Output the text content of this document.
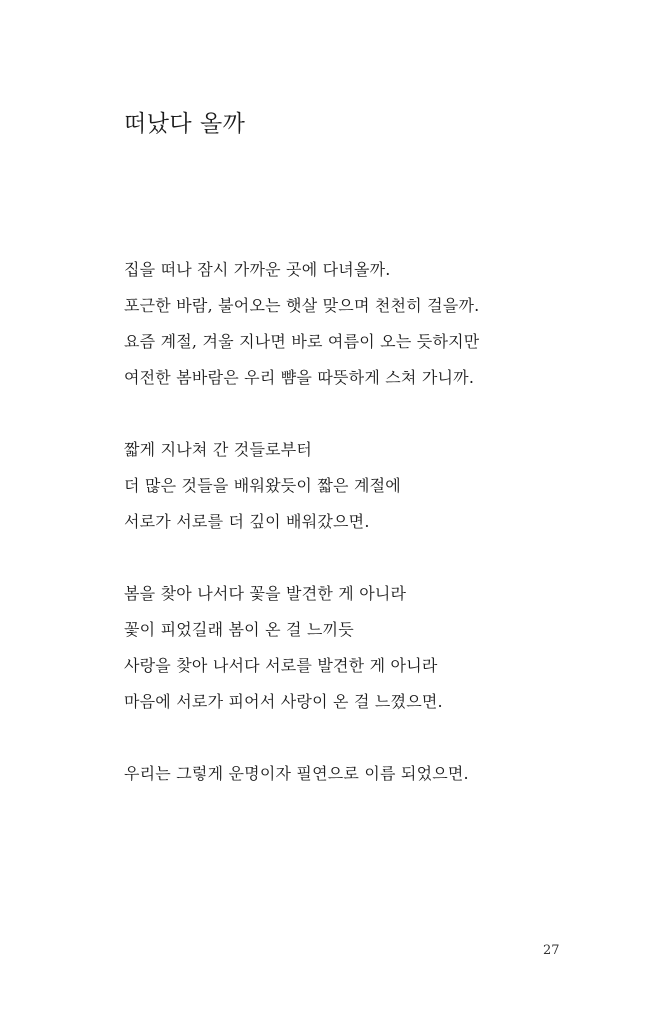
떠났다 올까
집을 떠나 잠시 가까운 곳에 다녀올까.
포근한 바람, 불어오는 햇살 맞으며 천천히 걸을까.
요즘 계절, 겨울 지나면 바로 여름이 오는 듯하지만
여전한 봄바람은 우리 뺨을 따뜻하게 스쳐 가니까.
짧게 지나쳐 간 것들로부터
더 많은 것들을 배워왔듯이 짧은 계절에
서로가 서로를 더 깊이 배워갔으면.
봄을 찾아 나서다 꽃을 발견한 게 아니라
꽃이 피었길래 봄이 온 걸 느끼듯
사랑을 찾아 나서다 서로를 발견한 게 아니라
마음에 서로가 피어서 사랑이 온 걸 느꼈으면.
우리는 그렇게 운명이자 필연으로 이름 되었으면.
27
